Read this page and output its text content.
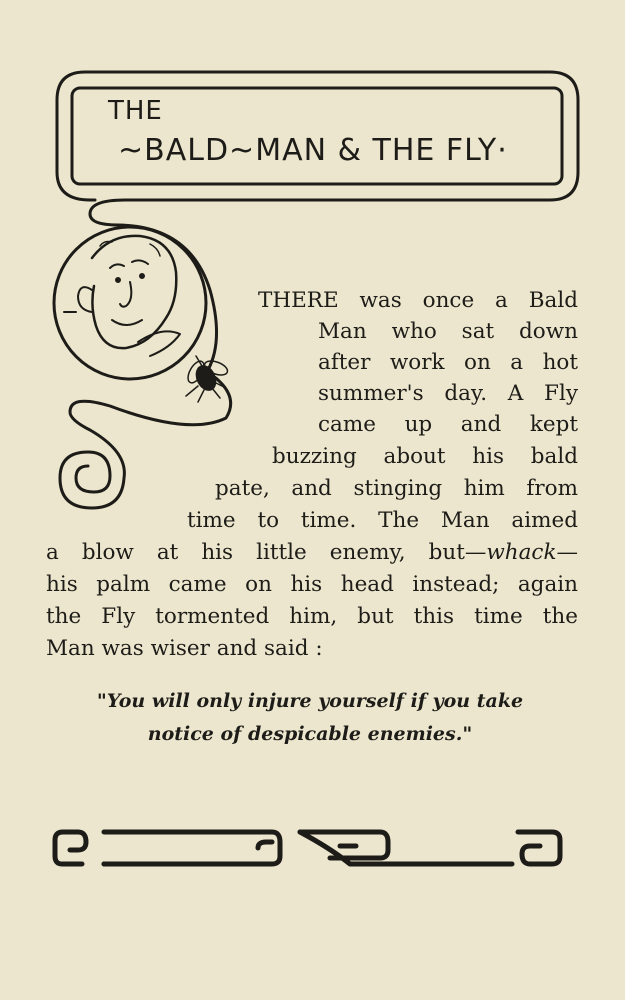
THE
~BALD~MAN & THE FLY·
THERE was once a Bald
Man who sat down
after work on a hot
summer's day. A Fly
came up and kept
buzzing about his bald
pate, and stinging him from
time to time. The Man aimed
a blow at his little enemy, but—whack—
his palm came on his head instead; again
the Fly tormented him, but this time the
Man was wiser and said :
"You will only injure yourself if you take
notice of despicable enemies."
